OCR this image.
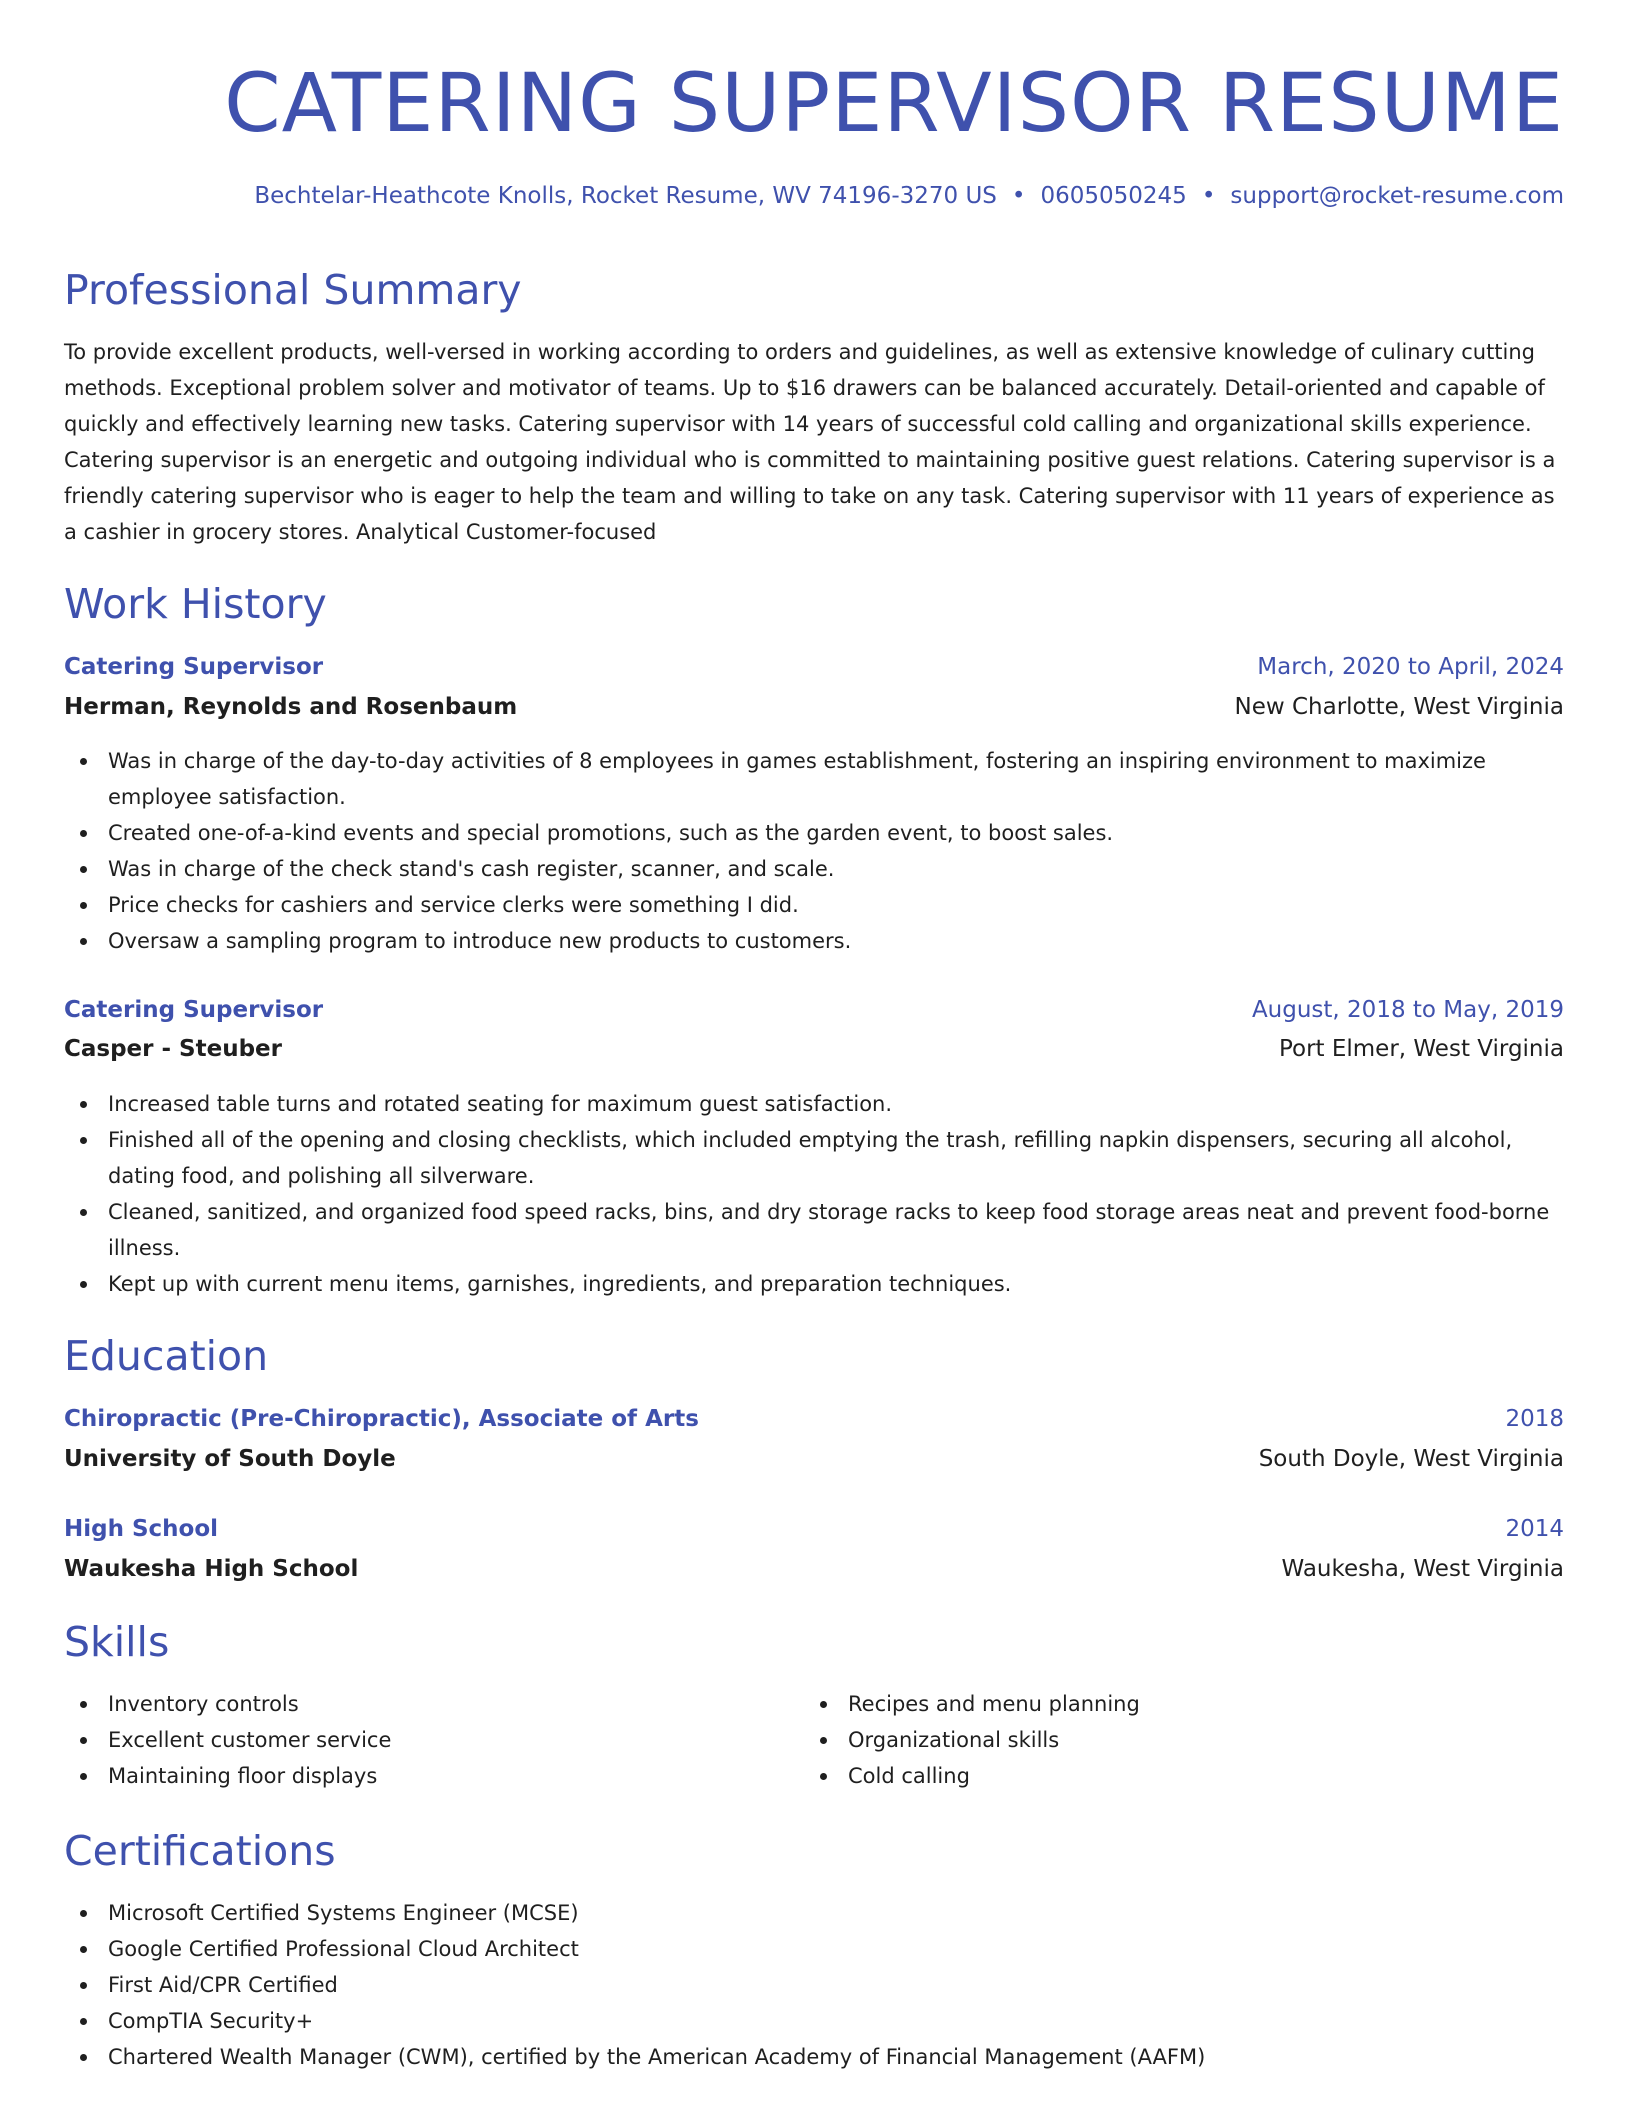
CATERING SUPERVISOR RESUME
Bechtelar-Heathcote Knolls, Rocket Resume, WV 74196-3270 US • 0605050245 • support@rocket-resume.com
Professional Summary

To provide excellent products, well-versed in working according to orders and guidelines, as well as extensive knowledge of culinary cutting methods. Exceptional problem solver and motivator of teams. Up to $16 drawers can be balanced accurately. Detail-oriented and capable of quickly and effectively learning new tasks. Catering supervisor with 14 years of successful cold calling and organizational skills experience. Catering supervisor is an energetic and outgoing individual who is committed to maintaining positive guest relations. Catering supervisor is a friendly catering supervisor who is eager to help the team and willing to take on any task. Catering supervisor with 11 years of experience as a cashier in grocery stores. Analytical Customer-focused

Work History
Catering Supervisor	March, 2020 to April, 2024
Herman, Reynolds and Rosenbaum	New Charlotte, West Virginia
Was in charge of the day-to-day activities of 8 employees in games establishment, fostering an inspiring environment to maximize employee satisfaction.
Created one-of-a-kind events and special promotions, such as the garden event, to boost sales.
Was in charge of the check stand's cash register, scanner, and scale.
Price checks for cashiers and service clerks were something I did.
Oversaw a sampling program to introduce new products to customers.
Catering Supervisor	August, 2018 to May, 2019
Casper - Steuber	Port Elmer, West Virginia
Increased table turns and rotated seating for maximum guest satisfaction.
Finished all of the opening and closing checklists, which included emptying the trash, refilling napkin dispensers, securing all alcohol, dating food, and polishing all silverware.
Cleaned, sanitized, and organized food speed racks, bins, and dry storage racks to keep food storage areas neat and prevent food-borne illness.
Kept up with current menu items, garnishes, ingredients, and preparation techniques.
Education
Chiropractic (Pre-Chiropractic), Associate of Arts	2018
University of South Doyle	South Doyle, West Virginia
High School	2014
Waukesha High School	Waukesha, West Virginia
Skills
Inventory controls
Excellent customer service
Maintaining floor displays
Recipes and menu planning
Organizational skills
Cold calling
Certifications
Microsoft Certified Systems Engineer (MCSE)
Google Certified Professional Cloud Architect
First Aid/CPR Certified
CompTIA Security+
Chartered Wealth Manager (CWM), certified by the American Academy of Financial Management (AAFM)
